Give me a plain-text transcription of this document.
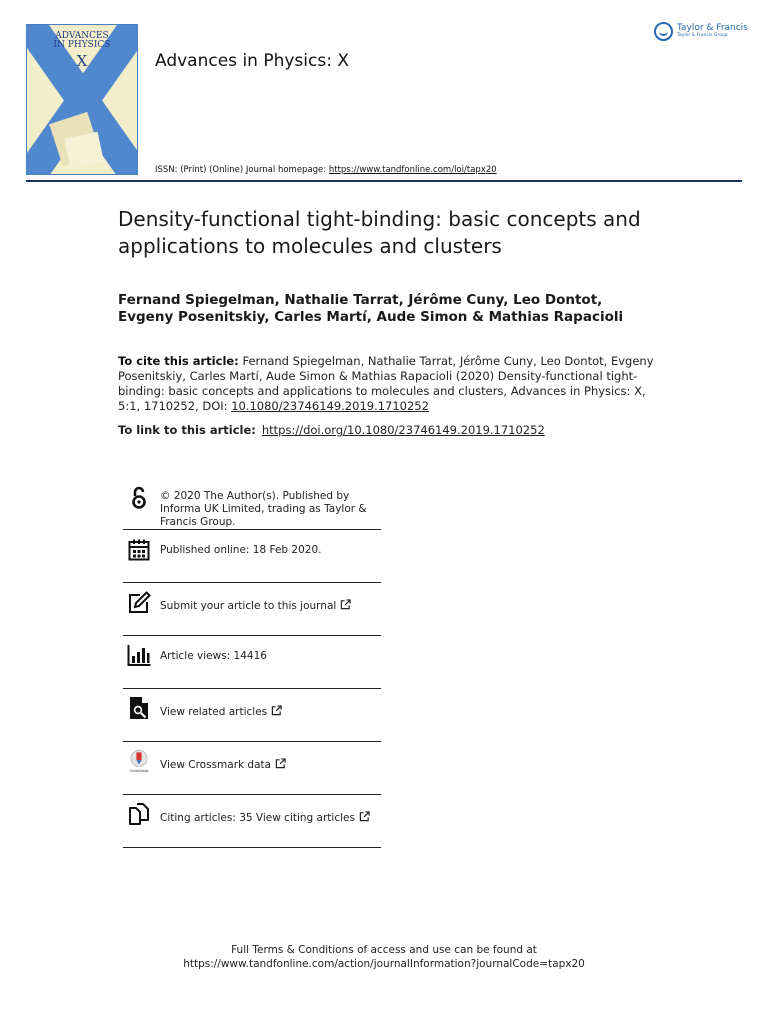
ADVANCES
IN PHYSICS
X	Advances in Physics: X
Taylor & Francis
Taylor & Francis Group
ISSN: (Print) (Online) Journal homepage: https://www.tandfonline.com/loi/tapx20
Density-functional tight-binding: basic concepts and applications to molecules and clusters
Fernand Spiegelman, Nathalie Tarrat, Jérôme Cuny, Leo Dontot, Evgeny Posenitskiy, Carles Martí, Aude Simon & Mathias Rapacioli
To cite this article: Fernand Spiegelman, Nathalie Tarrat, Jérôme Cuny, Leo Dontot, Evgeny Posenitskiy, Carles Martí, Aude Simon & Mathias Rapacioli (2020) Density-functional tight-binding: basic concepts and applications to molecules and clusters, Advances in Physics: X, 5:1, 1710252, DOI: 10.1080/23746149.2019.1710252
To link to this article: https://doi.org/10.1080/23746149.2019.1710252
© 2020 The Author(s). Published by Informa UK Limited, trading as Taylor & Francis Group.
Published online: 18 Feb 2020.
Submit your article to this journal
Article views: 14416
View related articles
CrossMark
View Crossmark data
Citing articles: 35 View citing articles
Full Terms & Conditions of access and use can be found at
https://www.tandfonline.com/action/journalInformation?journalCode=tapx20
